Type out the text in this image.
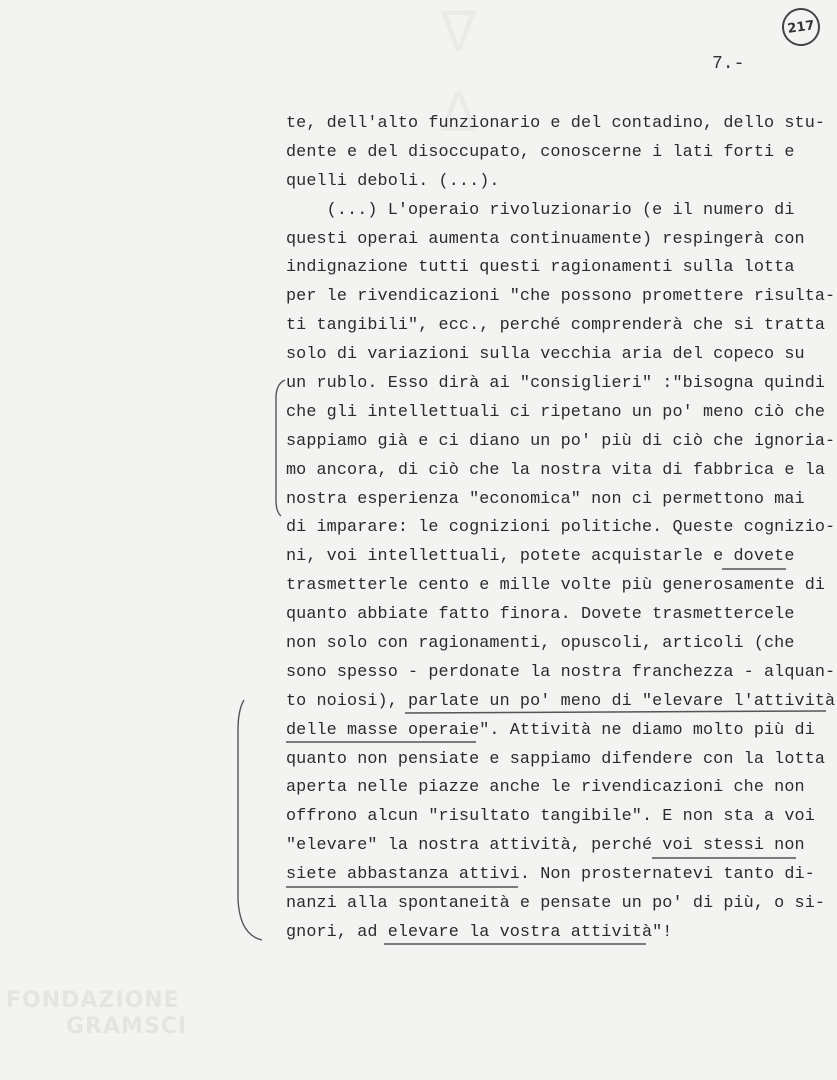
217
7.-
te, dell'alto funzionario e del contadino, dello stu-
dente e del disoccupato, conoscerne i lati forti e
quelli deboli. (...).
(...) L'operaio rivoluzionario (e il numero di
questi operai aumenta continuamente) respingerà con
indignazione tutti questi ragionamenti sulla lotta
per le rivendicazioni "che possono promettere risulta-
ti tangibili", ecc., perché comprenderà che si tratta
solo di variazioni sulla vecchia aria del copeco su
un rublo. Esso dirà ai "consiglieri" :"bisogna quindi
che gli intellettuali ci ripetano un po' meno ciò che
sappiamo già e ci diano un po' più di ciò che ignoria-
mo ancora, di ciò che la nostra vita di fabbrica e la
nostra esperienza "economica" non ci permettono mai
di imparare: le cognizioni politiche. Queste cognizio-
ni, voi intellettuali, potete acquistarle e dovete
trasmetterle cento e mille volte più generosamente di
quanto abbiate fatto finora. Dovete trasmettercele
non solo con ragionamenti, opuscoli, articoli (che
sono spesso - perdonate la nostra franchezza - alquan-
to noiosi), parlate un po' meno di "elevare l'attività
delle masse operaie". Attività ne diamo molto più di
quanto non pensiate e sappiamo difendere con la lotta
aperta nelle piazze anche le rivendicazioni che non
offrono alcun "risultato tangibile". E non sta a voi
"elevare" la nostra attività, perché voi stessi non
siete abbastanza attivi. Non prosternatevi tanto di-
nanzi alla spontaneità e pensate un po' di più, o si-
gnori, ad elevare la vostra attività"!
FONDAZIONE
GRAMSCI
